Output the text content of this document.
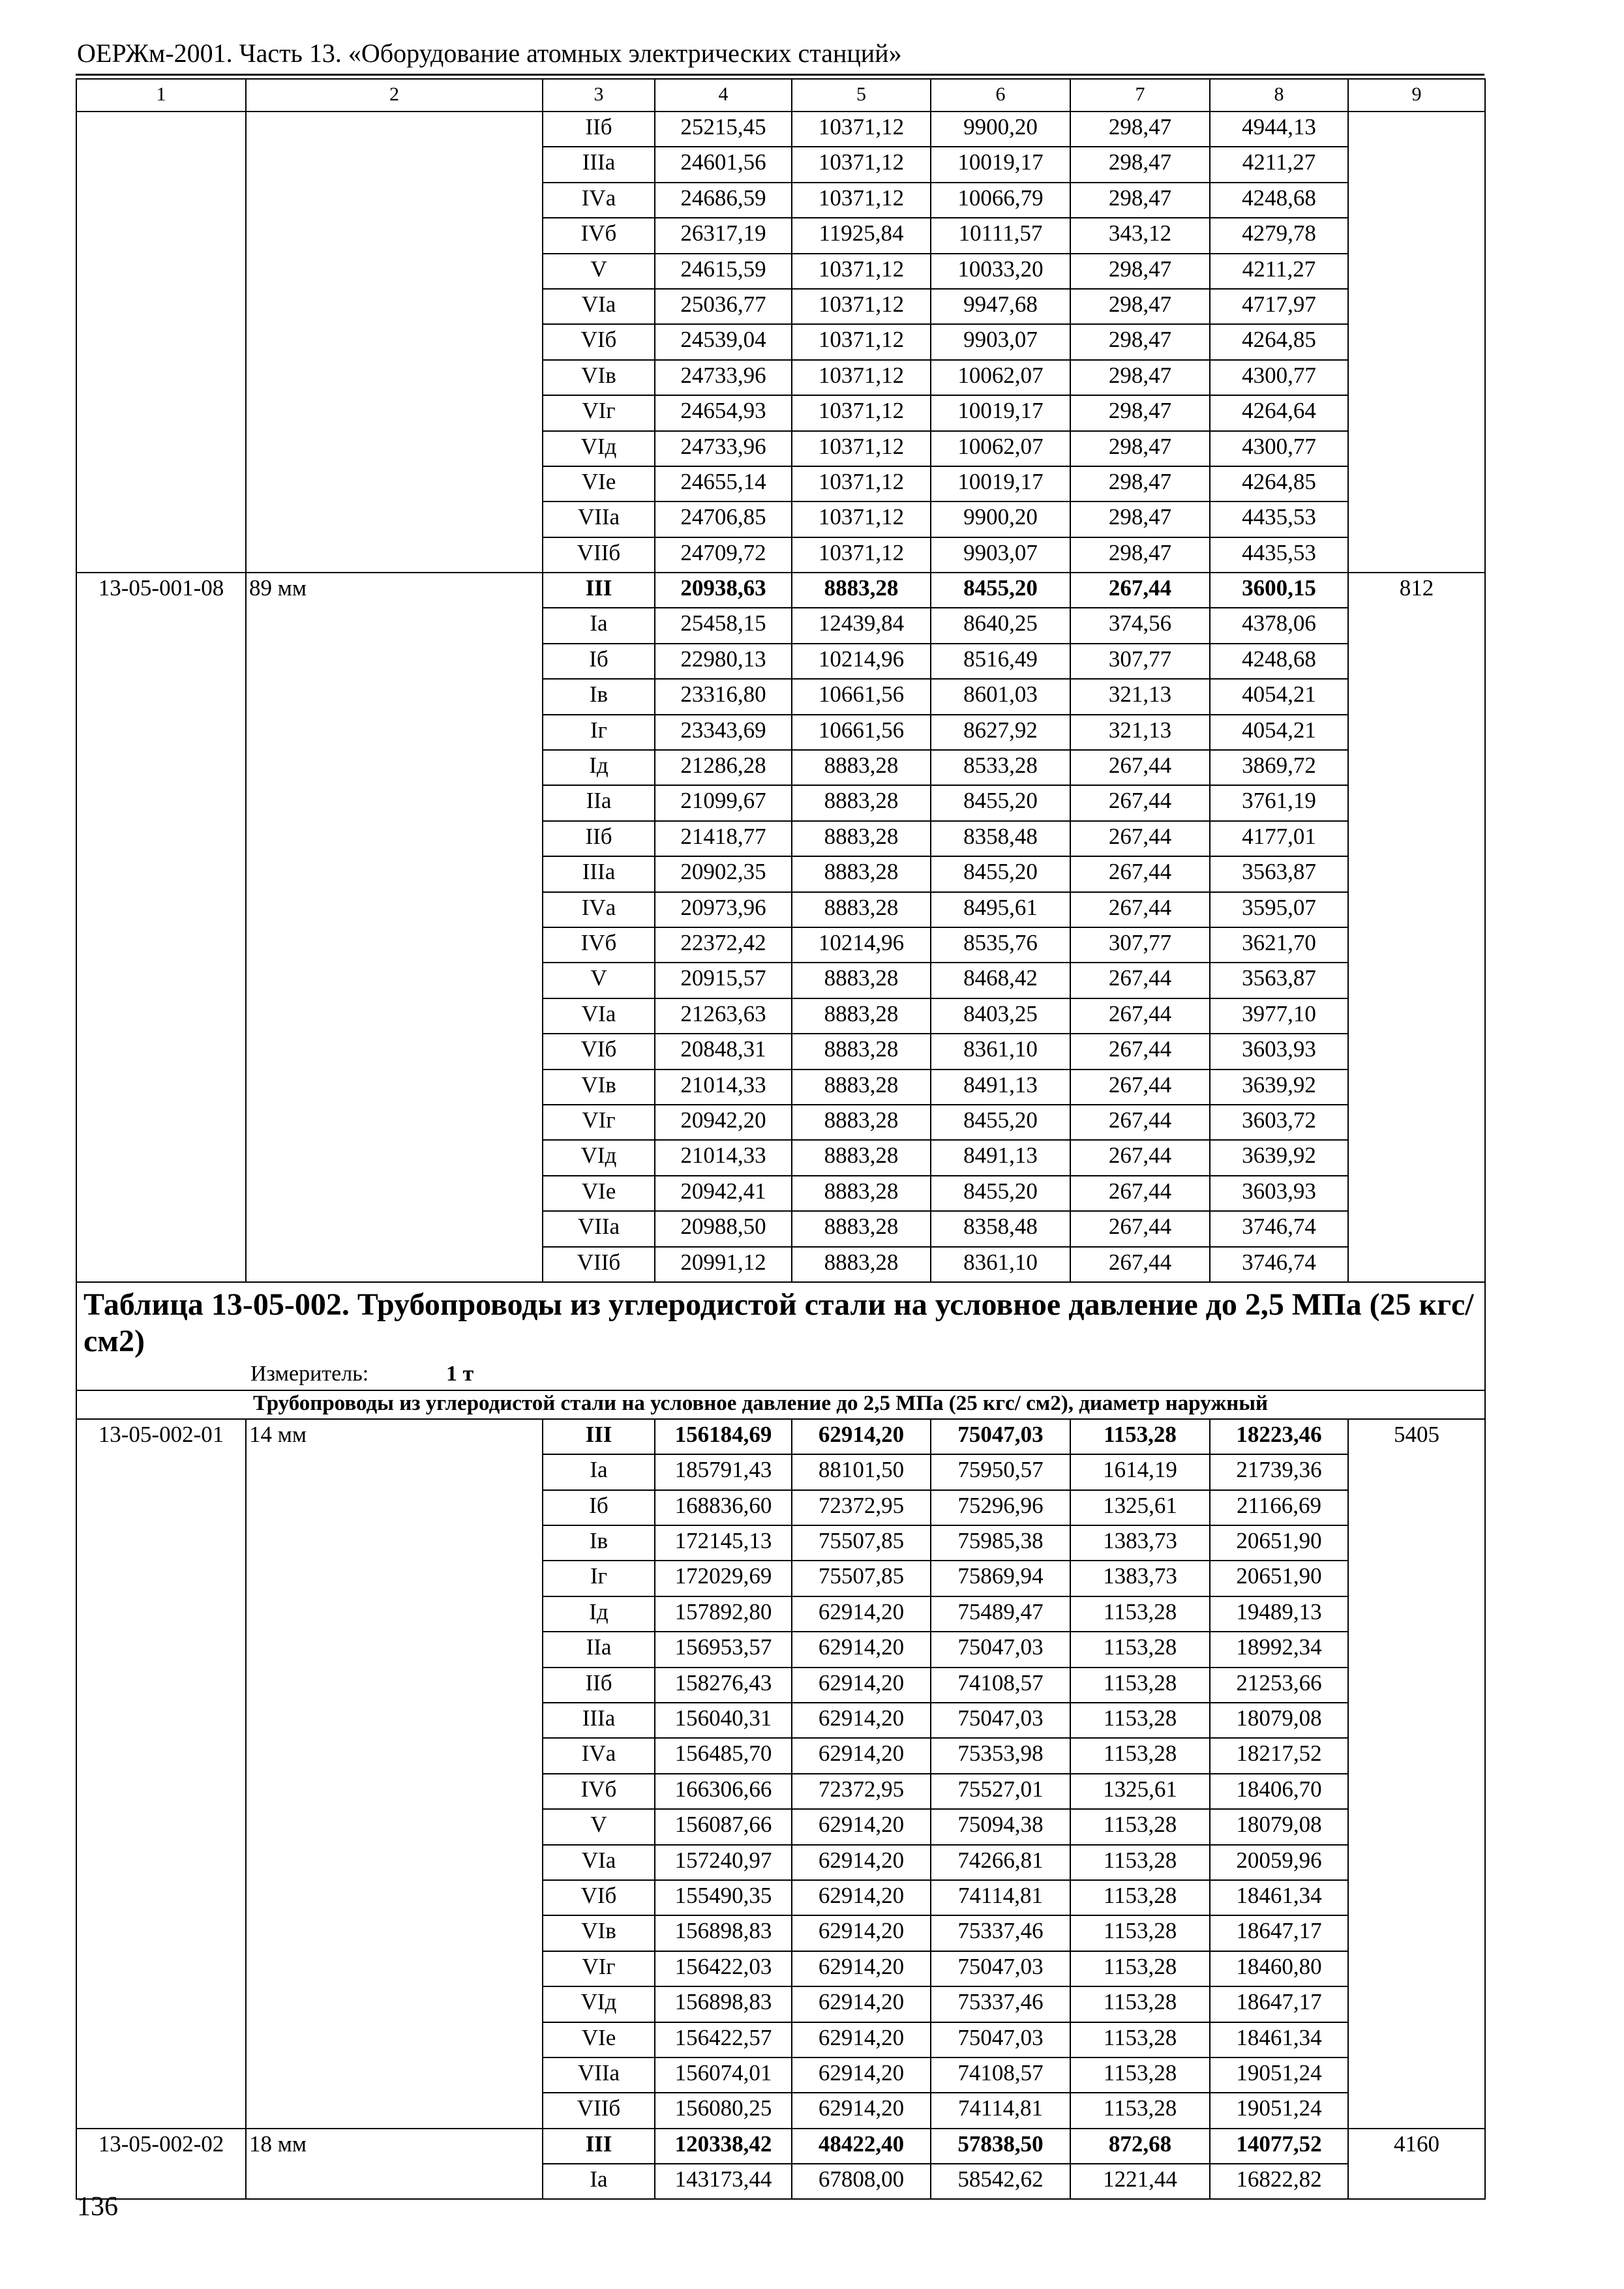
ОЕРЖм-2001. Часть 13. «Оборудование атомных электрических станций»
1	2	3	4	5	6	7	8	9
		IIб	25215,45	10371,12	9900,20	298,47	4944,13	
		IIIа	24601,56	10371,12	10019,17	298,47	4211,27	
		IVа	24686,59	10371,12	10066,79	298,47	4248,68	
		IVб	26317,19	11925,84	10111,57	343,12	4279,78	
		V	24615,59	10371,12	10033,20	298,47	4211,27	
		VIа	25036,77	10371,12	9947,68	298,47	4717,97	
		VIб	24539,04	10371,12	9903,07	298,47	4264,85	
		VIв	24733,96	10371,12	10062,07	298,47	4300,77	
		VIг	24654,93	10371,12	10019,17	298,47	4264,64	
		VIд	24733,96	10371,12	10062,07	298,47	4300,77	
		VIе	24655,14	10371,12	10019,17	298,47	4264,85	
		VIIа	24706,85	10371,12	9900,20	298,47	4435,53	
		VIIб	24709,72	10371,12	9903,07	298,47	4435,53	
13-05-001-08	89 мм	III	20938,63	8883,28	8455,20	267,44	3600,15	812
		Iа	25458,15	12439,84	8640,25	374,56	4378,06	
		Iб	22980,13	10214,96	8516,49	307,77	4248,68	
		Iв	23316,80	10661,56	8601,03	321,13	4054,21	
		Iг	23343,69	10661,56	8627,92	321,13	4054,21	
		Iд	21286,28	8883,28	8533,28	267,44	3869,72	
		IIа	21099,67	8883,28	8455,20	267,44	3761,19	
		IIб	21418,77	8883,28	8358,48	267,44	4177,01	
		IIIа	20902,35	8883,28	8455,20	267,44	3563,87	
		IVа	20973,96	8883,28	8495,61	267,44	3595,07	
		IVб	22372,42	10214,96	8535,76	307,77	3621,70	
		V	20915,57	8883,28	8468,42	267,44	3563,87	
		VIа	21263,63	8883,28	8403,25	267,44	3977,10	
		VIб	20848,31	8883,28	8361,10	267,44	3603,93	
		VIв	21014,33	8883,28	8491,13	267,44	3639,92	
		VIг	20942,20	8883,28	8455,20	267,44	3603,72	
		VIд	21014,33	8883,28	8491,13	267,44	3639,92	
		VIе	20942,41	8883,28	8455,20	267,44	3603,93	
		VIIа	20988,50	8883,28	8358,48	267,44	3746,74	
		VIIб	20991,12	8883,28	8361,10	267,44	3746,74	
Таблица 13-05-002. Трубопроводы из углеродистой стали на условное давление до 2,5 МПа (25 кгс/ см2)								
Измеритель: 1 т								
Трубопроводы из углеродистой стали на условное давление до 2,5 МПа (25 кгс/ см2), диаметр наружный								
13-05-002-01	14 мм	III	156184,69	62914,20	75047,03	1153,28	18223,46	5405
		Iа	185791,43	88101,50	75950,57	1614,19	21739,36	
		Iб	168836,60	72372,95	75296,96	1325,61	21166,69	
		Iв	172145,13	75507,85	75985,38	1383,73	20651,90	
		Iг	172029,69	75507,85	75869,94	1383,73	20651,90	
		Iд	157892,80	62914,20	75489,47	1153,28	19489,13	
		IIа	156953,57	62914,20	75047,03	1153,28	18992,34	
		IIб	158276,43	62914,20	74108,57	1153,28	21253,66	
		IIIа	156040,31	62914,20	75047,03	1153,28	18079,08	
		IVа	156485,70	62914,20	75353,98	1153,28	18217,52	
		IVб	166306,66	72372,95	75527,01	1325,61	18406,70	
		V	156087,66	62914,20	75094,38	1153,28	18079,08	
		VIа	157240,97	62914,20	74266,81	1153,28	20059,96	
		VIб	155490,35	62914,20	74114,81	1153,28	18461,34	
		VIв	156898,83	62914,20	75337,46	1153,28	18647,17	
		VIг	156422,03	62914,20	75047,03	1153,28	18460,80	
		VIд	156898,83	62914,20	75337,46	1153,28	18647,17	
		VIе	156422,57	62914,20	75047,03	1153,28	18461,34	
		VIIа	156074,01	62914,20	74108,57	1153,28	19051,24	
		VIIб	156080,25	62914,20	74114,81	1153,28	19051,24	
13-05-002-02	18 мм	III	120338,42	48422,40	57838,50	872,68	14077,52	4160
		Iа	143173,44	67808,00	58542,62	1221,44	16822,82	
136
